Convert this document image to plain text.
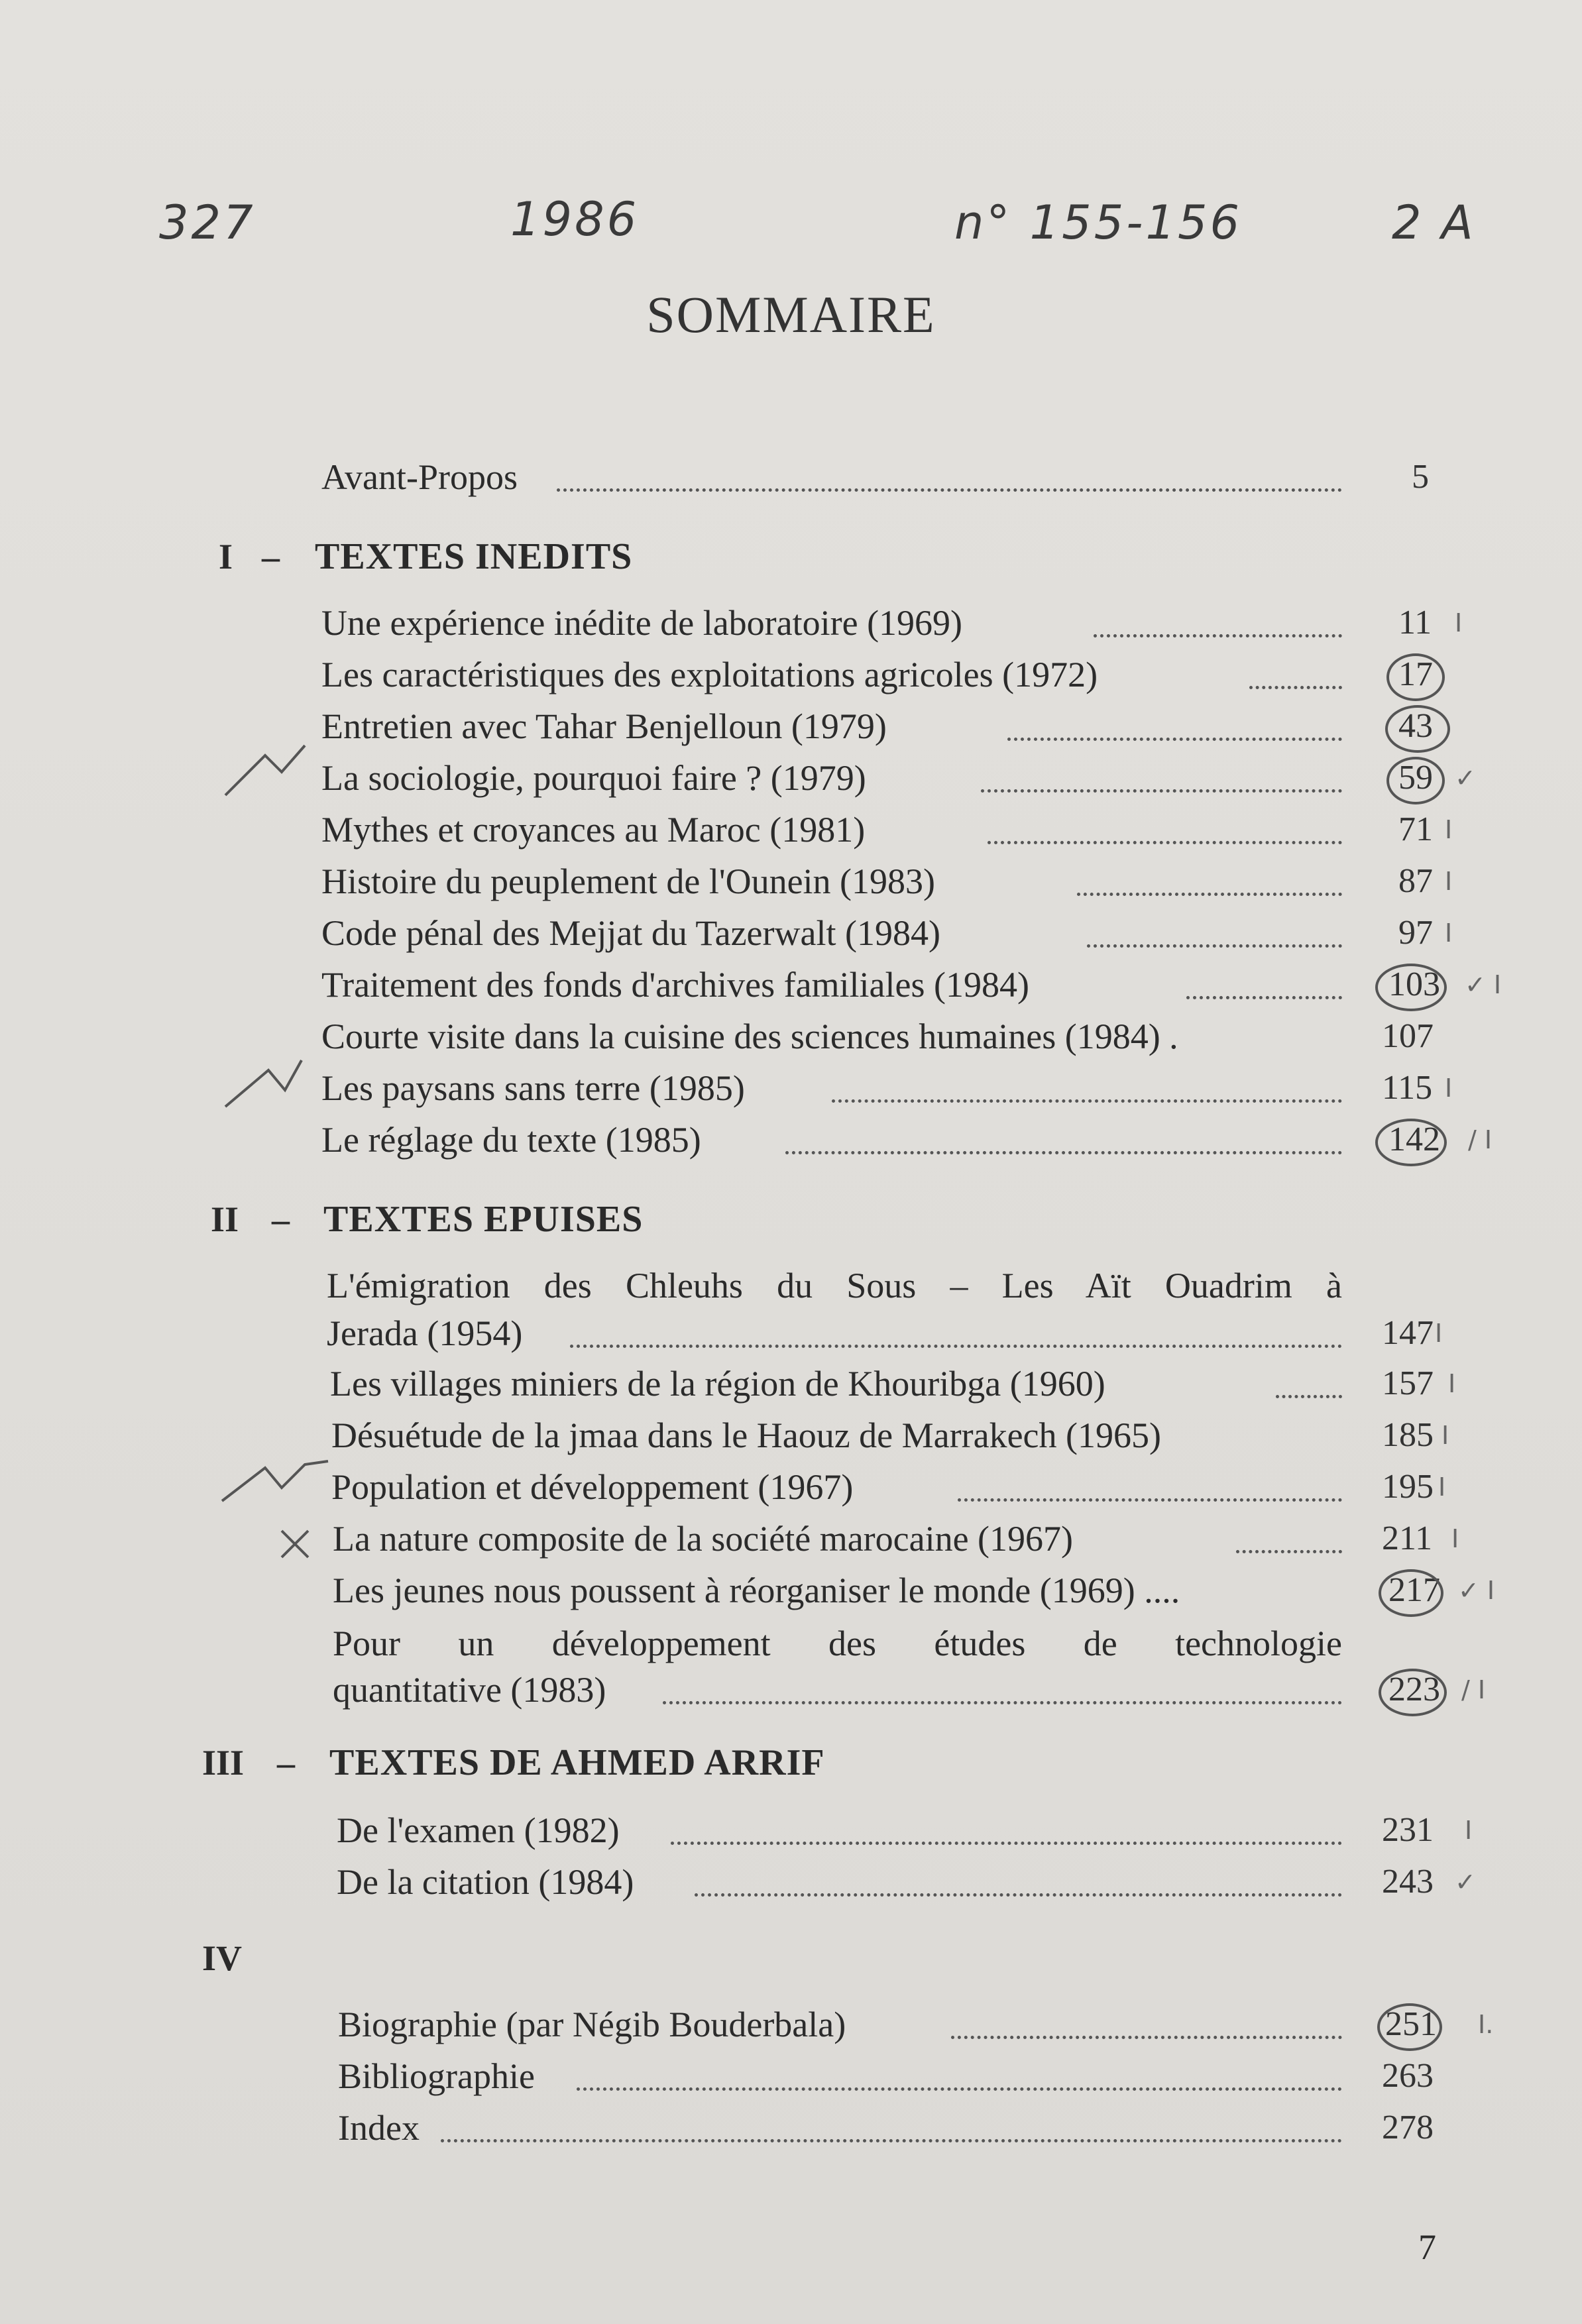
327	1986	n° 155-156	2 A
SOMMAIRE
Avant-Propos	5
I – TEXTES INEDITS
Une expérience inédite de laboratoire (1969)	11 I
Les caractéristiques des exploitations agricoles (1972)	17
Entretien avec Tahar Benjelloun (1979)	43
La sociologie, pourquoi faire ? (1979)	59 ✓
Mythes et croyances au Maroc (1981)	71 I
Histoire du peuplement de l'Ounein (1983)	87 I
Code pénal des Mejjat du Tazerwalt (1984)	97 I
Traitement des fonds d'archives familiales (1984)	103 ✓ I
Courte visite dans la cuisine des sciences humaines (1984) .	107
Les paysans sans terre (1985)	115 I
Le réglage du texte (1985)	142	/ I
II – TEXTES EPUISES
L'émigration des Chleuhs du Sous – Les Aït Ouadrim à
Jerada (1954)	147 I
Les villages miniers de la région de Khouribga (1960)	157 I
Désuétude de la jmaa dans le Haouz de Marrakech (1965)	185 I
Population et développement (1967)	195 I
La nature composite de la société marocaine (1967)	211 I
Les jeunes nous poussent à réorganiser le monde (1969) ....	217 ✓ I
Pour un développement des études de technologie
quantitative (1983)	223 / I
III – TEXTES DE AHMED ARRIF
De l'examen (1982)	231	I
De la citation (1984)	243 ✓
IV
Biographie (par Négib Bouderbala)	251	I.
Bibliographie	263
Index	278
7
